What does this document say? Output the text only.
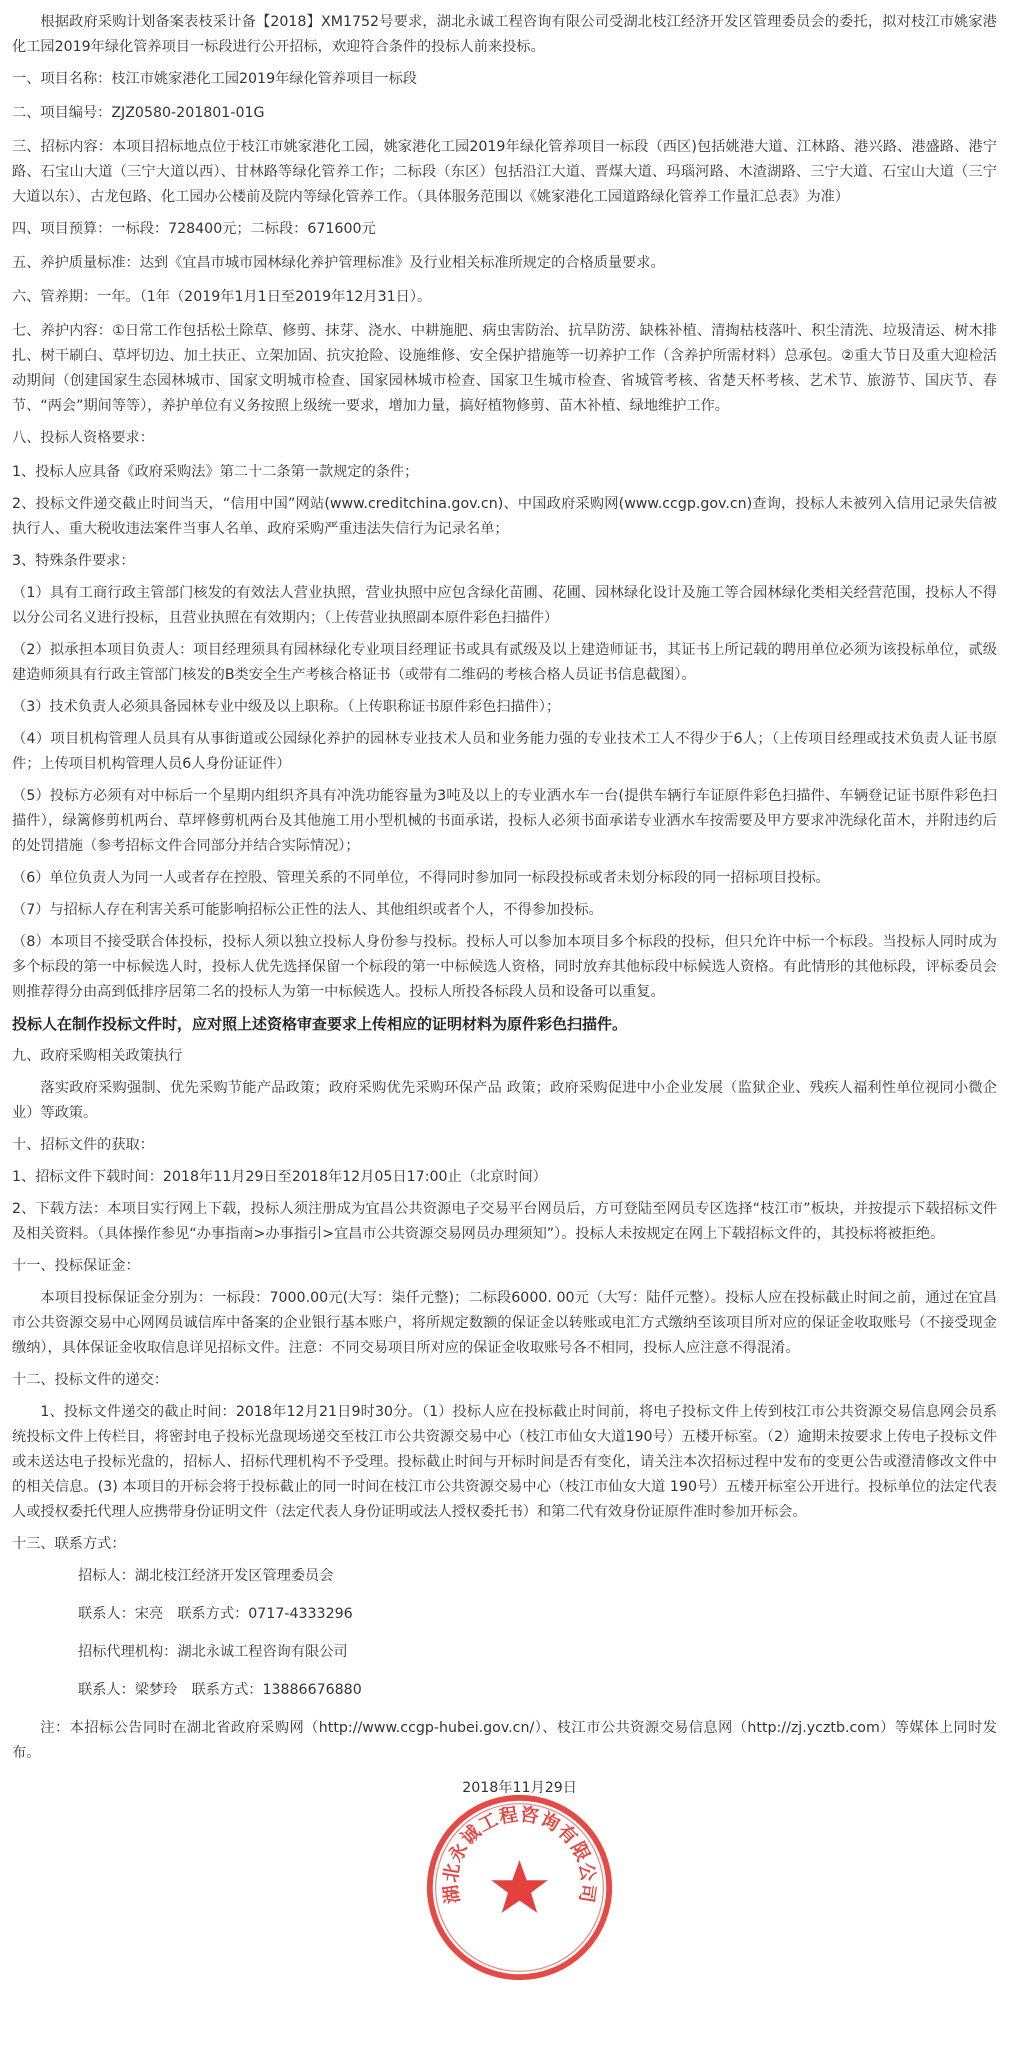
根据政府采购计划备案表枝采计备【2018】XM1752号要求，湖北永诚工程咨询有限公司受湖北枝江经济开发区管理委员会的委托，拟对枝江市姚家港化工园2019年绿化管养项目一标段进行公开招标，欢迎符合条件的投标人前来投标。

一、项目名称：枝江市姚家港化工园2019年绿化管养项目一标段

二、项目编号：ZJZ0580-201801-01G

三、招标内容：本项目招标地点位于枝江市姚家港化工园，姚家港化工园2019年绿化管养项目一标段（西区)包括姚港大道、江林路、港兴路、港盛路、港宁路、石宝山大道（三宁大道以西）、甘林路等绿化管养工作；二标段（东区）包括沿江大道、晋煤大道、玛瑙河路、木渣湖路、三宁大道、石宝山大道（三宁大道以东）、古龙包路、化工园办公楼前及院内等绿化管养工作。（具体服务范围以《姚家港化工园道路绿化管养工作量汇总表》为准）

四、项目预算：一标段：728400元；二标段：671600元

五、养护质量标准：达到《宜昌市城市园林绿化养护管理标准》及行业相关标准所规定的合格质量要求。

六、管养期：一年。（1年（2019年1月1日至2019年12月31日）。

七、养护内容：①日常工作包括松土除草、修剪、抹芽、浇水、中耕施肥、病虫害防治、抗旱防涝、缺株补植、清掏枯枝落叶、积尘清洗、垃圾清运、树木排扎、树干刷白、草坪切边、加土扶正、立架加固、抗灾抢险、设施维修、安全保护措施等一切养护工作（含养护所需材料）总承包。②重大节日及重大迎检活动期间（创建国家生态园林城市、国家文明城市检查、国家园林城市检查、国家卫生城市检查、省城管考核、省楚天杯考核、艺术节、旅游节、国庆节、春节、“两会”期间等等），养护单位有义务按照上级统一要求，增加力量，搞好植物修剪、苗木补植、绿地维护工作。

八、投标人资格要求：

1、投标人应具备《政府采购法》第二十二条第一款规定的条件；

2、投标文件递交截止时间当天，“信用中国”网站(www.creditchina.gov.cn)、中国政府采购网(www.ccgp.gov.cn)查询，投标人未被列入信用记录失信被执行人、重大税收违法案件当事人名单、政府采购严重违法失信行为记录名单；

3、特殊条件要求：

（1）具有工商行政主管部门核发的有效法人营业执照，营业执照中应包含绿化苗圃、花圃、园林绿化设计及施工等合园林绿化类相关经营范围，投标人不得以分公司名义进行投标，且营业执照在有效期内；（上传营业执照副本原件彩色扫描件）

（2）拟承担本项目负责人：项目经理须具有园林绿化专业项目经理证书或具有贰级及以上建造师证书，其证书上所记载的聘用单位必须为该投标单位，贰级建造师须具有行政主管部门核发的B类安全生产考核合格证书（或带有二维码的考核合格人员证书信息截图）。

（3）技术负责人必须具备园林专业中级及以上职称。（上传职称证书原件彩色扫描件）；

（4）项目机构管理人员具有从事街道或公园绿化养护的园林专业技术人员和业务能力强的专业技术工人不得少于6人；（上传项目经理或技术负责人证书原件；上传项目机构管理人员6人身份证证件）

（5）投标方必须有对中标后一个星期内组织齐具有冲洗功能容量为3吨及以上的专业洒水车一台(提供车辆行车证原件彩色扫描件、车辆登记证书原件彩色扫描件），绿篱修剪机两台、草坪修剪机两台及其他施工用小型机械的书面承诺，投标人必须书面承诺专业洒水车按需要及甲方要求冲洗绿化苗木，并附违约后的处罚措施（参考招标文件合同部分并结合实际情况）；

（6）单位负责人为同一人或者存在控股、管理关系的不同单位，不得同时参加同一标段投标或者未划分标段的同一招标项目投标。

（7）与招标人存在利害关系可能影响招标公正性的法人、其他组织或者个人，不得参加投标。

（8）本项目不接受联合体投标，投标人须以独立投标人身份参与投标。投标人可以参加本项目多个标段的投标，但只允许中标一个标段。当投标人同时成为多个标段的第一中标候选人时，投标人优先选择保留一个标段的第一中标候选人资格，同时放弃其他标段中标候选人资格。有此情形的其他标段，评标委员会则推荐得分由高到低排序居第二名的投标人为第一中标候选人。投标人所投各标段人员和设备可以重复。

投标人在制作投标文件时，应对照上述资格审查要求上传相应的证明材料为原件彩色扫描件。

九、政府采购相关政策执行

落实政府采购强制、优先采购节能产品政策；政府采购优先采购环保产品 政策；政府采购促进中小企业发展（监狱企业、残疾人福利性单位视同小微企业）等政策。

十、招标文件的获取：

1、招标文件下载时间：2018年11月29日至2018年12月05日17:00止（北京时间）

2、下载方法：本项目实行网上下载，投标人须注册成为宜昌公共资源电子交易平台网员后，方可登陆至网员专区选择“枝江市”板块，并按提示下载招标文件及相关资料。（具体操作参见“办事指南>办事指引>宜昌市公共资源交易网员办理须知”）。投标人未按规定在网上下载招标文件的，其投标将被拒绝。

十一、投标保证金：

本项目投标保证金分别为：一标段：7000.00元(大写：柒仟元整)；二标段6000. 00元（大写：陆仟元整）。投标人应在投标截止时间之前，通过在宜昌市公共资源交易中心网网员诚信库中备案的企业银行基本账户，将所规定数额的保证金以转账或电汇方式缴纳至该项目所对应的保证金收取账号（不接受现金缴纳），具体保证金收取信息详见招标文件。注意：不同交易项目所对应的保证金收取账号各不相同，投标人应注意不得混淆。

十二、投标文件的递交：

1、投标文件递交的截止时间：2018年12月21日9时30分。（1）投标人应在投标截止时间前，将电子投标文件上传到枝江市公共资源交易信息网会员系统投标文件上传栏目，将密封电子投标光盘现场递交至枝江市公共资源交易中心（枝江市仙女大道190号）五楼开标室。（2）逾期未按要求上传电子投标文件或未送达电子投标光盘的，招标人、招标代理机构不予受理。投标截止时间与开标时间是否有变化，请关注本次招标过程中发布的变更公告或澄清修改文件中的相关信息。(3) 本项目的开标会将于投标截止的同一时间在枝江市公共资源交易中心（枝江市仙女大道 190号）五楼开标室公开进行。投标单位的法定代表人或授权委托代理人应携带身份证明文件（法定代表人身份证明或法人授权委托书）和第二代有效身份证原件准时参加开标会。

十三、联系方式：

招标人：湖北枝江经济开发区管理委员会

联系人：宋亮　联系方式：0717-4333296

招标代理机构：湖北永诚工程咨询有限公司

联系人：梁梦玲　联系方式：13886676880

注：本招标公告同时在湖北省政府采购网（http://www.ccgp-hubei.gov.cn/）、枝江市公共资源交易信息网（http://zj.ycztb.com）等媒体上同时发布。

2018年11月29日

湖北永诚工程咨询有限公司
